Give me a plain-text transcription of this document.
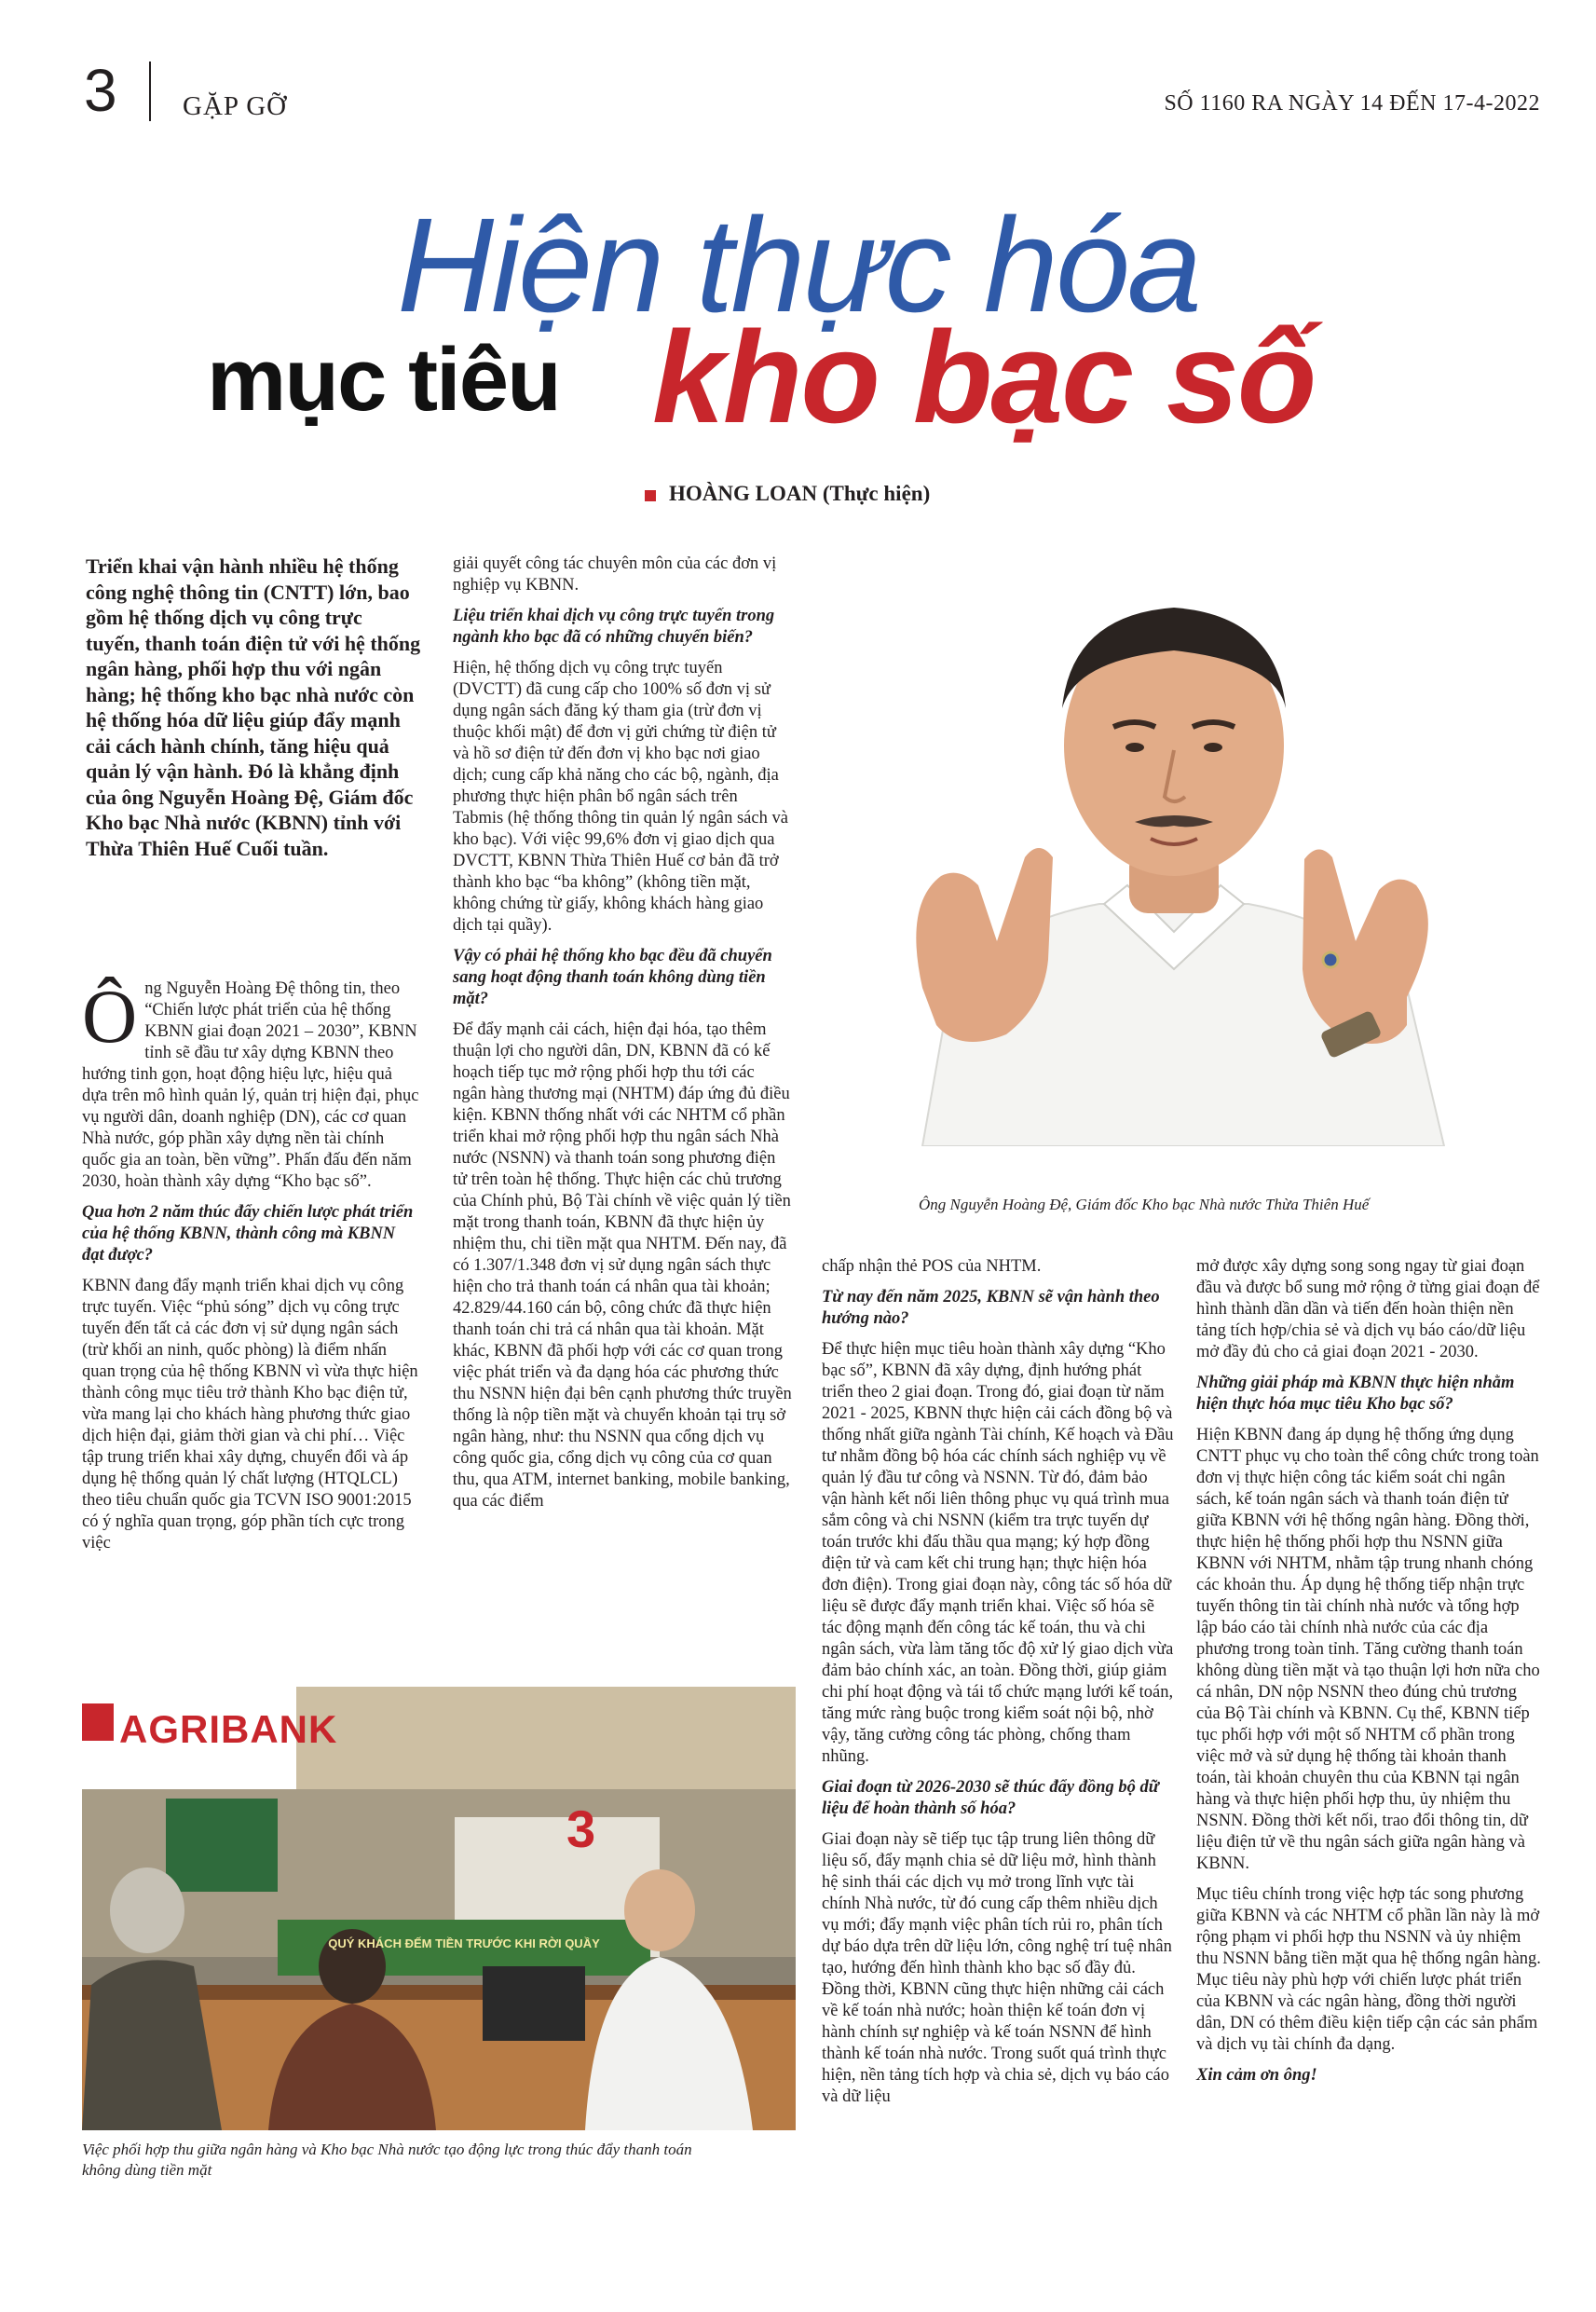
3 GẶP GỠ	SỐ 1160 RA NGÀY 14 ĐẾN 17-4-2022
Hiện thực hóa
mục tiêu kho bạc số
HOÀNG LOAN (Thực hiện)
Triển khai vận hành nhiều hệ thống công nghệ thông tin (CNTT) lớn, bao gồm hệ thống dịch vụ công trực tuyến, thanh toán điện tử với hệ thống ngân hàng, phối hợp thu với ngân hàng; hệ thống kho bạc nhà nước còn hệ thống hóa dữ liệu giúp đẩy mạnh cải cách hành chính, tăng hiệu quả quản lý vận hành. Đó là khẳng định của ông Nguyễn Hoàng Đệ, Giám đốc Kho bạc Nhà nước (KBNN) tỉnh với Thừa Thiên Huế Cuối tuần.

Ông Nguyễn Hoàng Đệ thông tin, theo “Chiến lược phát triển của hệ thống KBNN giai đoạn 2021 – 2030”, KBNN tỉnh sẽ đầu tư xây dựng KBNN theo hướng tinh gọn, hoạt động hiệu lực, hiệu quả dựa trên mô hình quản lý, quản trị hiện đại, phục vụ người dân, doanh nghiệp (DN), các cơ quan Nhà nước, góp phần xây dựng nền tài chính quốc gia an toàn, bền vững”. Phấn đấu đến năm 2030, hoàn thành xây dựng “Kho bạc số”.

Qua hơn 2 năm thúc đẩy chiến lược phát triển của hệ thống KBNN, thành công mà KBNN đạt được?

KBNN đang đẩy mạnh triển khai dịch vụ công trực tuyến. Việc “phủ sóng” dịch vụ công trực tuyến đến tất cả các đơn vị sử dụng ngân sách (trừ khối an ninh, quốc phòng) là điểm nhấn quan trọng của hệ thống KBNN vì vừa thực hiện thành công mục tiêu trở thành Kho bạc điện tử, vừa mang lại cho khách hàng phương thức giao dịch hiện đại, giảm thời gian và chi phí… Việc tập trung triển khai xây dựng, chuyển đổi và áp dụng hệ thống quản lý chất lượng (HTQLCL) theo tiêu chuẩn quốc gia TCVN ISO 9001:2015 có ý nghĩa quan trọng, góp phần tích cực trong việc

giải quyết công tác chuyên môn của các đơn vị nghiệp vụ KBNN.

Liệu triển khai dịch vụ công trực tuyến trong ngành kho bạc đã có những chuyển biến?

Hiện, hệ thống dịch vụ công trực tuyến (DVCTT) đã cung cấp cho 100% số đơn vị sử dụng ngân sách đăng ký tham gia (trừ đơn vị thuộc khối mật) để đơn vị gửi chứng từ điện tử và hồ sơ điện tử đến đơn vị kho bạc nơi giao dịch; cung cấp khả năng cho các bộ, ngành, địa phương thực hiện phân bổ ngân sách trên Tabmis (hệ thống thông tin quản lý ngân sách và kho bạc). Với việc 99,6% đơn vị giao dịch qua DVCTT, KBNN Thừa Thiên Huế cơ bản đã trở thành kho bạc “ba không” (không tiền mặt, không chứng từ giấy, không khách hàng giao dịch tại quầy).

Vậy có phải hệ thống kho bạc đều đã chuyển sang hoạt động thanh toán không dùng tiền mặt?

Để đẩy mạnh cải cách, hiện đại hóa, tạo thêm thuận lợi cho người dân, DN, KBNN đã có kế hoạch tiếp tục mở rộng phối hợp thu tới các ngân hàng thương mại (NHTM) đáp ứng đủ điều kiện. KBNN thống nhất với các NHTM cổ phần triển khai mở rộng phối hợp thu ngân sách Nhà nước (NSNN) và thanh toán song phương điện tử trên toàn hệ thống. Thực hiện các chủ trương của Chính phủ, Bộ Tài chính về việc quản lý tiền mặt trong thanh toán, KBNN đã thực hiện ủy nhiệm thu, chi tiền mặt qua NHTM. Đến nay, đã có 1.307/1.348 đơn vị sử dụng ngân sách thực hiện cho trả thanh toán cá nhân qua tài khoản; 42.829/44.160 cán bộ, công chức đã thực hiện thanh toán chi trả cá nhân qua tài khoản. Mặt khác, KBNN đã phối hợp với các cơ quan trong việc phát triển và đa dạng hóa các phương thức thu NSNN hiện đại bên cạnh phương thức truyền thống là nộp tiền mặt và chuyển khoản tại trụ sở ngân hàng, như: thu NSNN qua cổng dịch vụ công quốc gia, cổng dịch vụ công của cơ quan thu, qua ATM, internet banking, mobile banking, qua các điểm

Ông Nguyễn Hoàng Đệ, Giám đốc Kho bạc Nhà nước Thừa Thiên Huế

chấp nhận thẻ POS của NHTM.

Từ nay đến năm 2025, KBNN sẽ vận hành theo hướng nào?

Để thực hiện mục tiêu hoàn thành xây dựng “Kho bạc số”, KBNN đã xây dựng, định hướng phát triển theo 2 giai đoạn. Trong đó, giai đoạn từ năm 2021 - 2025, KBNN thực hiện cải cách đồng bộ và thống nhất giữa ngành Tài chính, Kế hoạch và Đầu tư nhằm đồng bộ hóa các chính sách nghiệp vụ về quản lý đầu tư công và NSNN. Từ đó, đảm bảo vận hành kết nối liên thông phục vụ quá trình mua sắm công và chi NSNN (kiểm tra trực tuyến dự toán trước khi đấu thầu qua mạng; ký hợp đồng điện tử và cam kết chi trung hạn; thực hiện hóa đơn điện). Trong giai đoạn này, công tác số hóa dữ liệu sẽ được đẩy mạnh triển khai. Việc số hóa sẽ tác động mạnh đến công tác kế toán, thu và chi ngân sách, vừa làm tăng tốc độ xử lý giao dịch vừa đảm bảo chính xác, an toàn. Đồng thời, giúp giảm chi phí hoạt động và tái tổ chức mạng lưới kế toán, tăng mức ràng buộc trong kiểm soát nội bộ, nhờ vậy, tăng cường công tác phòng, chống tham nhũng.

Giai đoạn từ 2026-2030 sẽ thúc đẩy đồng bộ dữ liệu để hoàn thành số hóa?

Giai đoạn này sẽ tiếp tục tập trung liên thông dữ liệu số, đẩy mạnh chia sẻ dữ liệu mở, hình thành hệ sinh thái các dịch vụ mở trong lĩnh vực tài chính Nhà nước, từ đó cung cấp thêm nhiều dịch vụ mới; đẩy mạnh việc phân tích rủi ro, phân tích dự báo dựa trên dữ liệu lớn, công nghệ trí tuệ nhân tạo, hướng đến hình thành kho bạc số đầy đủ. Đồng thời, KBNN cũng thực hiện những cải cách về kế toán nhà nước; hoàn thiện kế toán đơn vị hành chính sự nghiệp và kế toán NSNN để hình thành kế toán nhà nước. Trong suốt quá trình thực hiện, nền tảng tích hợp và chia sẻ, dịch vụ báo cáo và dữ liệu

mở được xây dựng song song ngay từ giai đoạn đầu và được bổ sung mở rộng ở từng giai đoạn để hình thành dần dần và tiến đến hoàn thiện nền tảng tích hợp/chia sẻ và dịch vụ báo cáo/dữ liệu mở đầy đủ cho cả giai đoạn 2021 - 2030.

Những giải pháp mà KBNN thực hiện nhằm hiện thực hóa mục tiêu Kho bạc số?

Hiện KBNN đang áp dụng hệ thống ứng dụng CNTT phục vụ cho toàn thể công chức trong toàn đơn vị thực hiện công tác kiểm soát chi ngân sách, kế toán ngân sách và thanh toán điện tử giữa KBNN với hệ thống ngân hàng. Đồng thời, thực hiện hệ thống phối hợp thu NSNN giữa KBNN với NHTM, nhằm tập trung nhanh chóng các khoản thu. Áp dụng hệ thống tiếp nhận trực tuyến thông tin tài chính nhà nước và tổng hợp lập báo cáo tài chính nhà nước của các địa phương trong toàn tỉnh. Tăng cường thanh toán không dùng tiền mặt và tạo thuận lợi hơn nữa cho cá nhân, DN nộp NSNN theo đúng chủ trương của Bộ Tài chính và KBNN. Cụ thể, KBNN tiếp tục phối hợp với một số NHTM cổ phần trong việc mở và sử dụng hệ thống tài khoản thanh toán, tài khoản chuyên thu của KBNN tại ngân hàng và thực hiện phối hợp thu, ủy nhiệm thu NSNN. Đồng thời kết nối, trao đổi thông tin, dữ liệu điện tử về thu ngân sách giữa ngân hàng và KBNN.

Mục tiêu chính trong việc hợp tác song phương giữa KBNN và các NHTM cổ phần lần này là mở rộng phạm vi phối hợp thu NSNN và ủy nhiệm thu NSNN bằng tiền mặt qua hệ thống ngân hàng. Mục tiêu này phù hợp với chiến lược phát triển của KBNN và các ngân hàng, đồng thời người dân, DN có thêm điều kiện tiếp cận các sản phẩm và dịch vụ tài chính đa dạng.

Xin cảm ơn ông!

AGRIBANK
3
QUÝ KHÁCH ĐẾM TIỀN TRƯỚC KHI RỜI QUẦY
Việc phối hợp thu giữa ngân hàng và Kho bạc Nhà nước tạo động lực trong thúc đẩy thanh toán không dùng tiền mặt
